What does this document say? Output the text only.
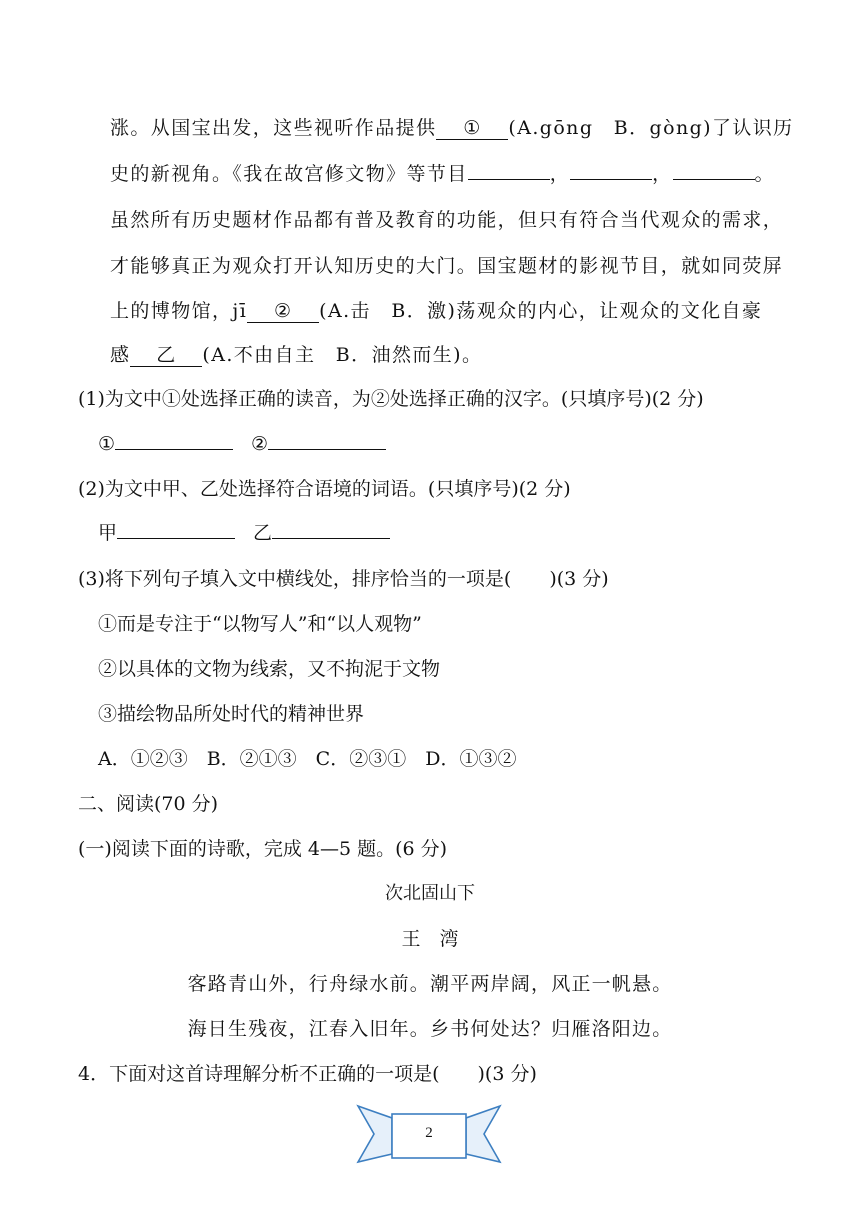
涨。从国宝出发，这些视听作品提供 ① (A.gōng　B．gòng)了认识历
史的新视角。《我在故宫修文物》等节目	，	，	。
虽然所有历史题材作品都有普及教育的功能，但只有符合当代观众的需求，
才能够真正为观众打开认知历史的大门。国宝题材的影视节目，就如同荧屏
上的博物馆，jī ② (A.击　B．激)荡观众的内心，让观众的文化自豪
感 乙 (A.不由自主　B．油然而生)。
(1)为文中①处选择正确的读音，为②处选择正确的汉字。(只填序号)(2 分)
①	②
(2)为文中甲、乙处选择符合语境的词语。(只填序号)(2 分)
甲	乙
(3)将下列句子填入文中横线处，排序恰当的一项是(　　)(3 分)
①而是专注于“以物写人”和“以人观物”
②以具体的文物为线索，又不拘泥于文物
③描绘物品所处时代的精神世界
A．①②③　B．②①③　C．②③①　D．①③②
二、阅读(70 分)
(一)阅读下面的诗歌，完成 4—5 题。(6 分)
次北固山下
王　湾
客路青山外，行舟绿水前。潮平两岸阔，风正一帆悬。
海日生残夜，江春入旧年。乡书何处达？归雁洛阳边。
4．下面对这首诗理解分析不正确的一项是(　　)(3 分)
2
